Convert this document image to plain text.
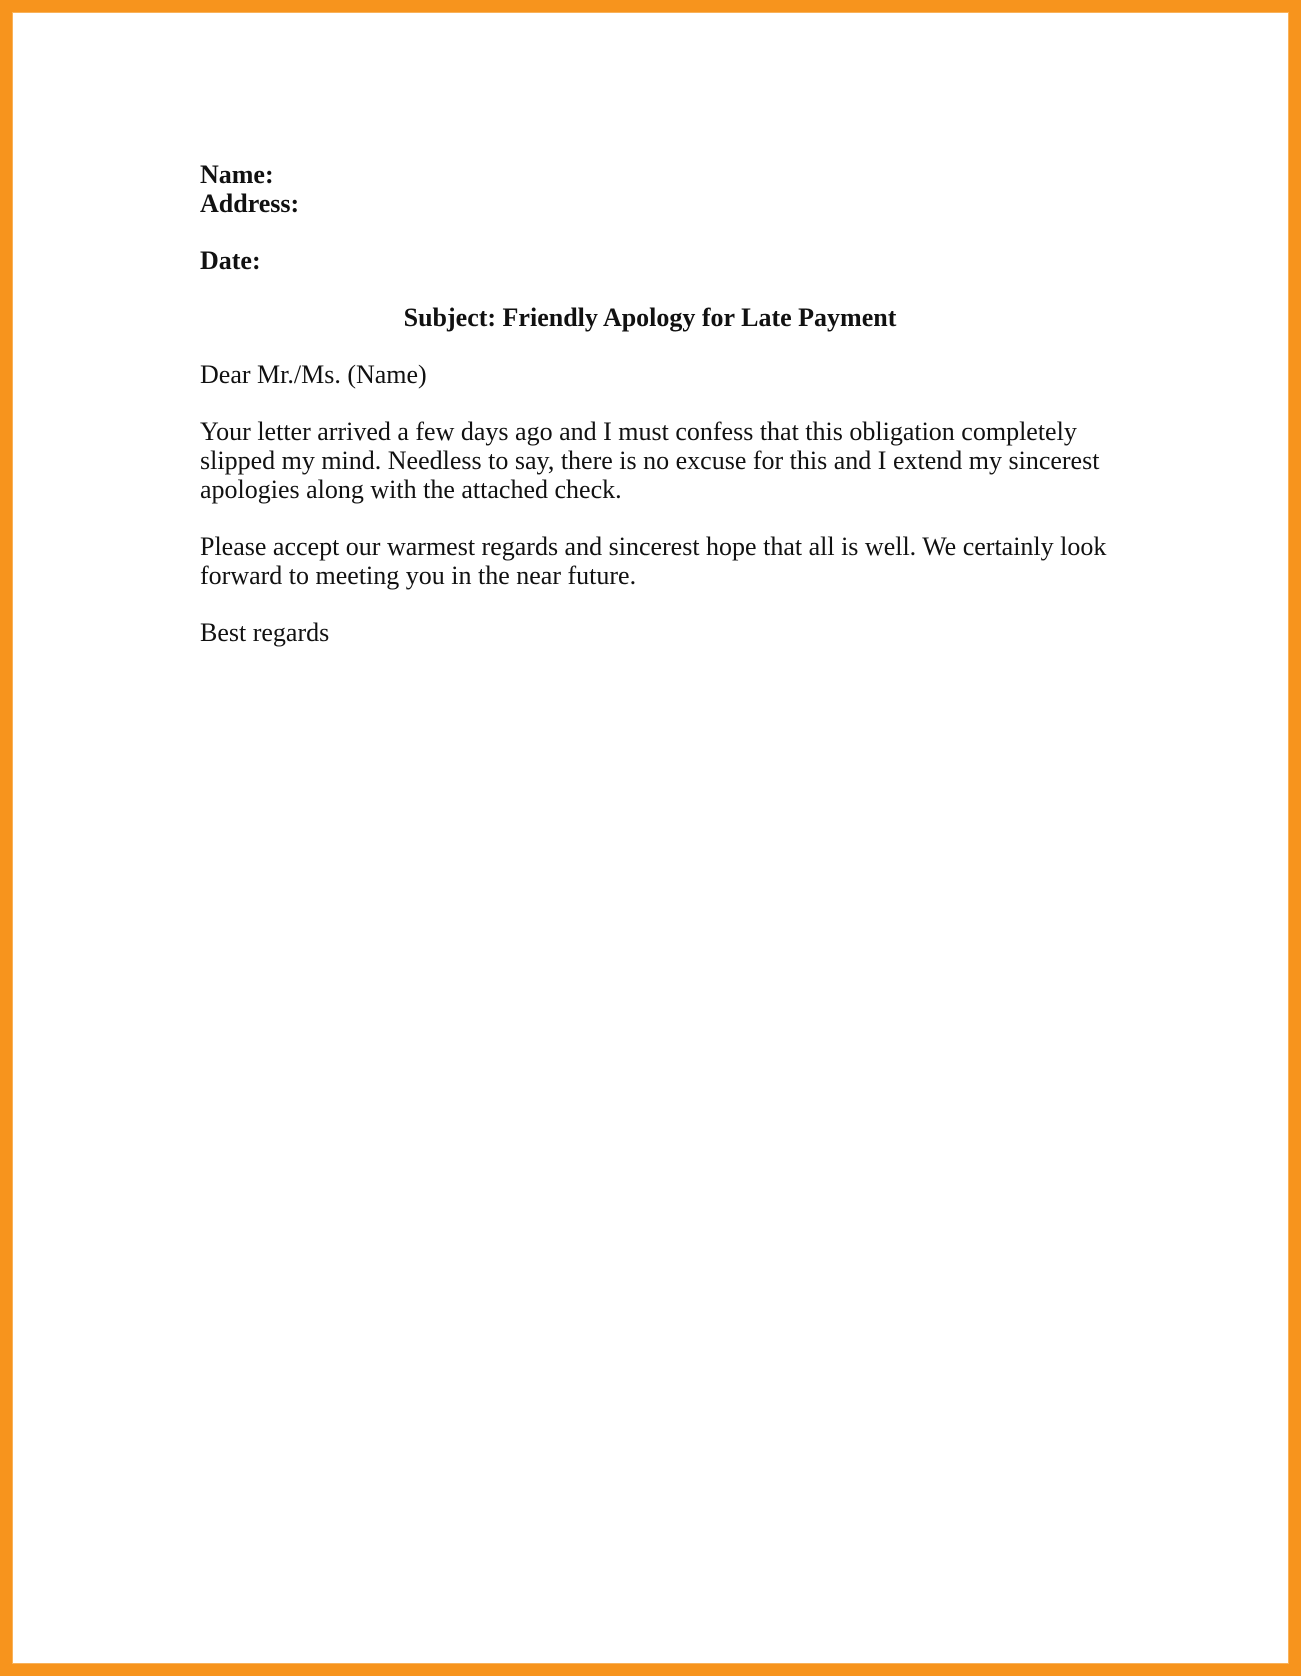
Name:
Address:
Date:
Subject: Friendly Apology for Late Payment
Dear Mr./Ms. (Name)

Your letter arrived a few days ago and I must confess that this obligation completely
slipped my mind. Needless to say, there is no excuse for this and I extend my sincerest
apologies along with the attached check.

Please accept our warmest regards and sincerest hope that all is well. We certainly look
forward to meeting you in the near future.

Best regards
